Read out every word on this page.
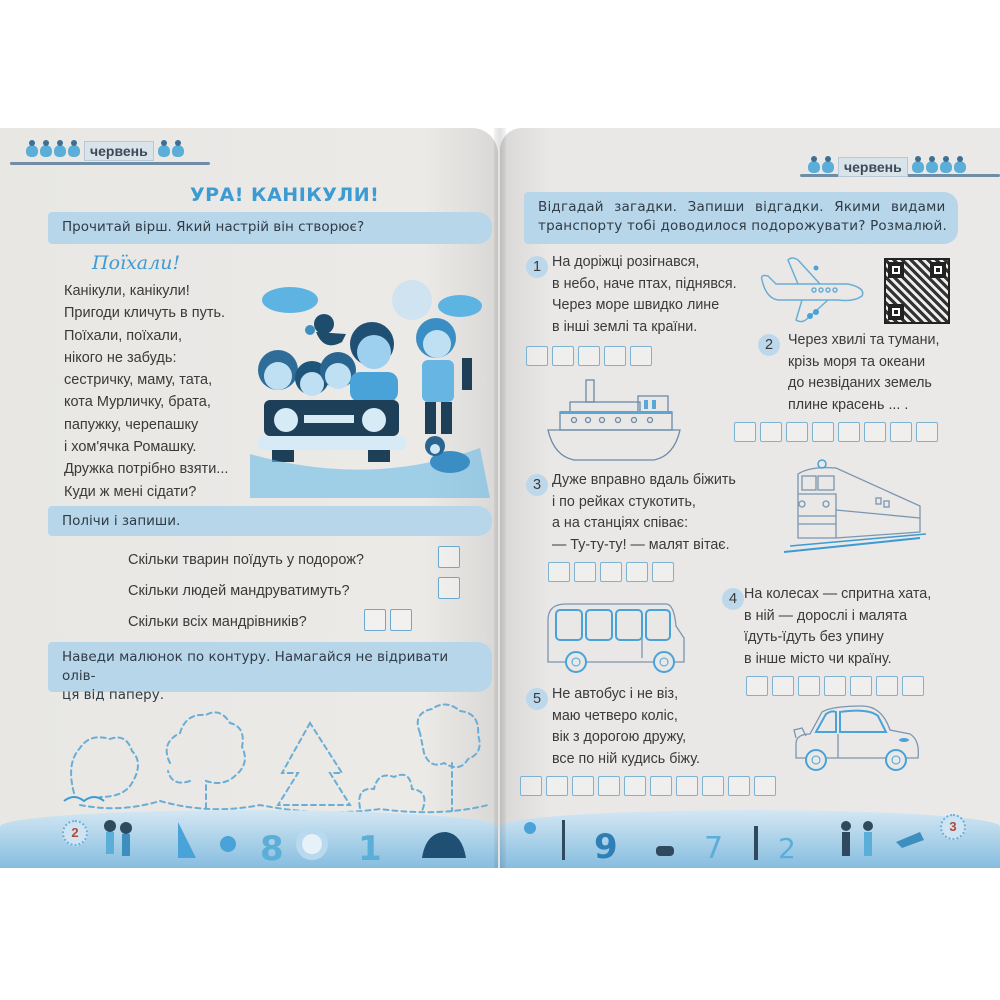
червень
УРА! КАНІКУЛИ!
Прочитай вірш. Який настрій він створює?
Поїхали!
Канікули, канікули!
Пригоди кличуть в путь.
Поїхали, поїхали,
нікого не забудь:
сестричку, маму, тата,
кота Мурличку, брата,
папужку, черепашку
і хом'ячка Ромашку.
Дружка потрібно взяти...
Куди ж мені сідати?
Полічи і запиши.
Скільки тварин поїдуть у подорож?
Скільки людей мандруватимуть?
Скільки всіх мандрівників?
Наведи малюнок по контуру. Намагайся не відривати олів-
ця від паперу.
2	8 1
червень
Відгадай загадки. Запиши відгадки. Якими видами
транспорту тобі доводилося подорожувати? Розмалюй.
1 На доріжці розігнався,
в небо, наче птах, піднявся.
Через море швидко лине
в інші землі та країни.
2	Через хвилі та тумани,
крізь моря та океани
до незвіданих земель
плине красень ... .
3 Дуже вправно вдаль біжить
і по рейках стукотить,
а на станціях співає:
— Ту-ту-ту! — малят вітає.
4 На колесах — спритна хата,
в ній — дорослі і малята
їдуть-їдуть без упину
в інше місто чи країну.
5 Не автобус і не віз,
маю четверо коліс,
вік з дорогою дружу,
все по ній кудись біжу.
9	7 2
3
